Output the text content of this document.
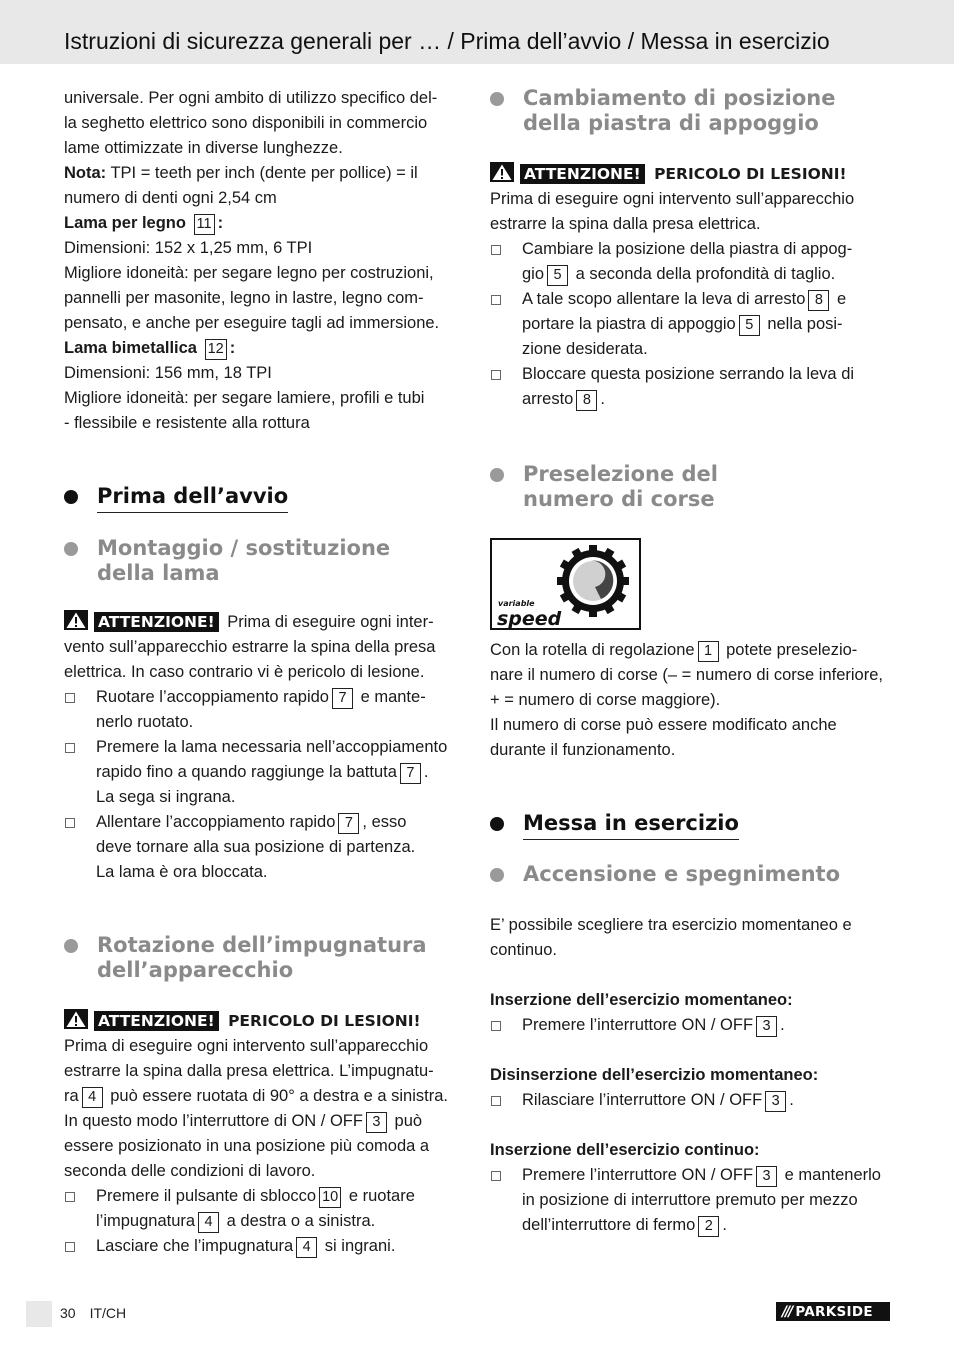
Istruzioni di sicurezza generali per … / Prima dell’avvio / Messa in esercizio
universale. Per ogni ambito di utilizzo specifico del-
la seghetto elettrico sono disponibili in commercio
lame ottimizzate in diverse lunghezze.
Nota: TPI = teeth per inch (dente per pollice) = il
numero di denti ogni 2,54 cm
Lama per legno 11 :
Dimensioni: 152 x 1,25 mm, 6 TPI
Migliore idoneità: per segare legno per costruzioni,
pannelli per masonite, legno in lastre, legno com-
pensato, e anche per eseguire tagli ad immersione.
Lama bimetallica 12 :
Dimensioni: 156 mm, 18 TPI
Migliore idoneità: per segare lamiere, profili e tubi
- flessibile e resistente alla rottura
Prima dell’avvio
Montaggio / sostituzione
della lama
ATTENZIONE! Prima di eseguire ogni inter-
vento sull’apparecchio estrarre la spina della presa
elettrica. In caso contrario vi è pericolo di lesione.
Ruotare l’accoppiamento rapido 7 e mante-
nerlo ruotato.
Premere la lama necessaria nell’accoppiamento
rapido fino a quando raggiunge la battuta 7 .
La sega si ingrana.
Allentare l’accoppiamento rapido 7 , esso
deve tornare alla sua posizione di partenza.
La lama è ora bloccata.
Rotazione dell’impugnatura
dell’apparecchio
ATTENZIONE! PERICOLO DI LESIONI!
Prima di eseguire ogni intervento sull’apparecchio
estrarre la spina dalla presa elettrica. L’impugnatu-
ra 4 può essere ruotata di 90° a destra e a sinistra.
In questo modo l’interruttore di ON / OFF 3 può
essere posizionato in una posizione più comoda a
seconda delle condizioni di lavoro.
Premere il pulsante di sblocco 10 e ruotare
l’impugnatura 4 a destra o a sinistra.
Lasciare che l’impugnatura 4 si ingrani.
Cambiamento di posizione
della piastra di appoggio
ATTENZIONE! PERICOLO DI LESIONI!
Prima di eseguire ogni intervento sull’apparecchio
estrarre la spina dalla presa elettrica.
Cambiare la posizione della piastra di appog-
gio 5 a seconda della profondità di taglio.
A tale scopo allentare la leva di arresto 8 e
portare la piastra di appoggio 5 nella posi-
zione desiderata.
Bloccare questa posizione serrando la leva di
arresto 8 .
Preselezione del
numero di corse
variable
speed
Con la rotella di regolazione 1 potete preselezio-
nare il numero di corse (– = numero di corse inferiore,
+ = numero di corse maggiore).
Il numero di corse può essere modificato anche
durante il funzionamento.
Messa in esercizio
Accensione e spegnimento
E’ possibile scegliere tra esercizio momentaneo e
continuo.
Inserzione dell’esercizio momentaneo:
Premere l’interruttore ON / OFF 3 .
Disinserzione dell’esercizio momentaneo:
Rilasciare l’interruttore ON / OFF 3 .
Inserzione dell’esercizio continuo:
Premere l’interruttore ON / OFF 3 e mantenerlo
in posizione di interruttore premuto per mezzo
dell’interruttore di fermo 2 .
30 IT/CH	/// PARKSIDE
